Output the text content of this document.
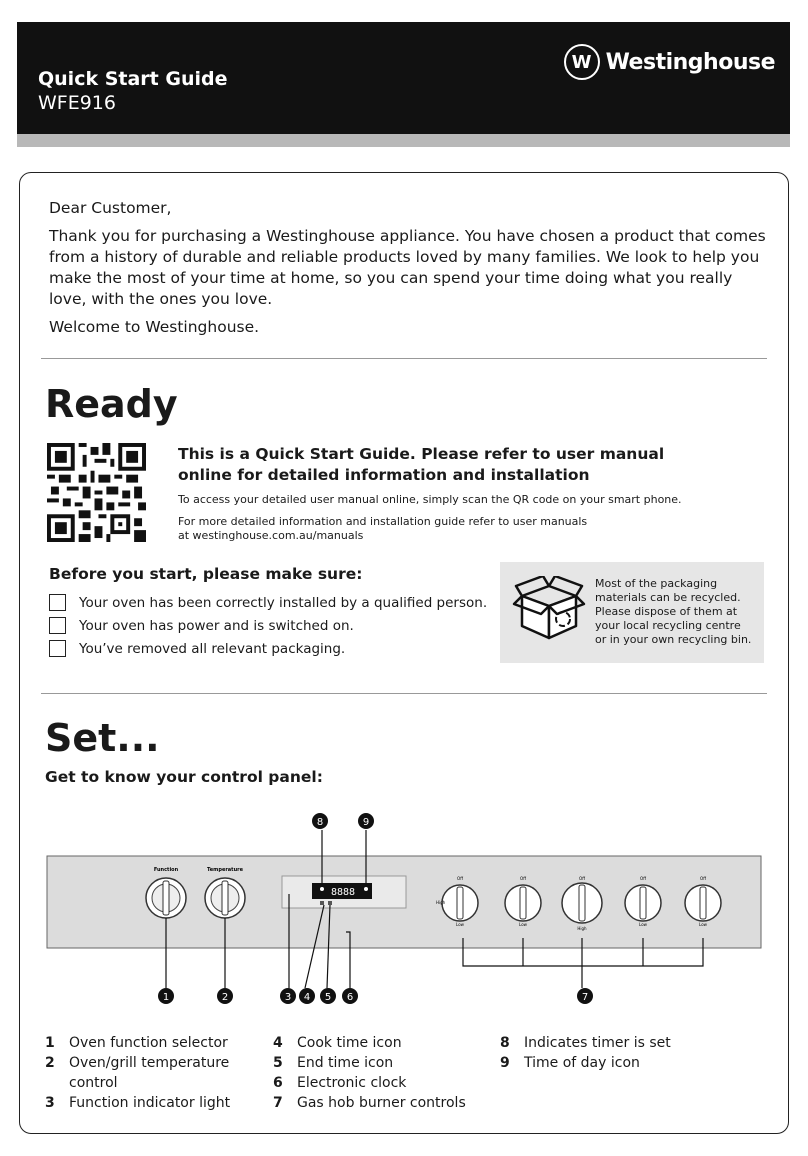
Quick Start Guide
WFE916
W Westinghouse

Dear Customer,

Thank you for purchasing a Westinghouse appliance. You have chosen a product that comes from a history of durable and reliable products loved by many families. We look to help you make the most of your time at home, so you can spend your time doing what you really love, with the ones you love.

Welcome to Westinghouse.

Ready
This is a Quick Start Guide. Please refer to user manual online for detailed information and installation
To access your detailed user manual online, simply scan the QR code on your smart phone.
For more detailed information and installation guide refer to user manuals
at westinghouse.com.au/manuals
Before you start, please make sure:
Your oven has been correctly installed by a qualified person.
Your oven has power and is switched on.
You’ve removed all relevant packaging.
Most of the packaging
materials can be recycled.
Please dispose of them at
your local recycling centre
or in your own recycling bin.
Set...
Get to know your control panel:
Function	Temperature
8888
Off	Off	Off	Off	Off
High
Low	Low
High
Low	Low
8	9
1	2	3 4 5 6	7
1	Oven function selector
2	Oven/grill temperature control
3	Function indicator light
4	Cook time icon
5	End time icon
6	Electronic clock
7	Gas hob burner controls
8	Indicates timer is set
9	Time of day icon
